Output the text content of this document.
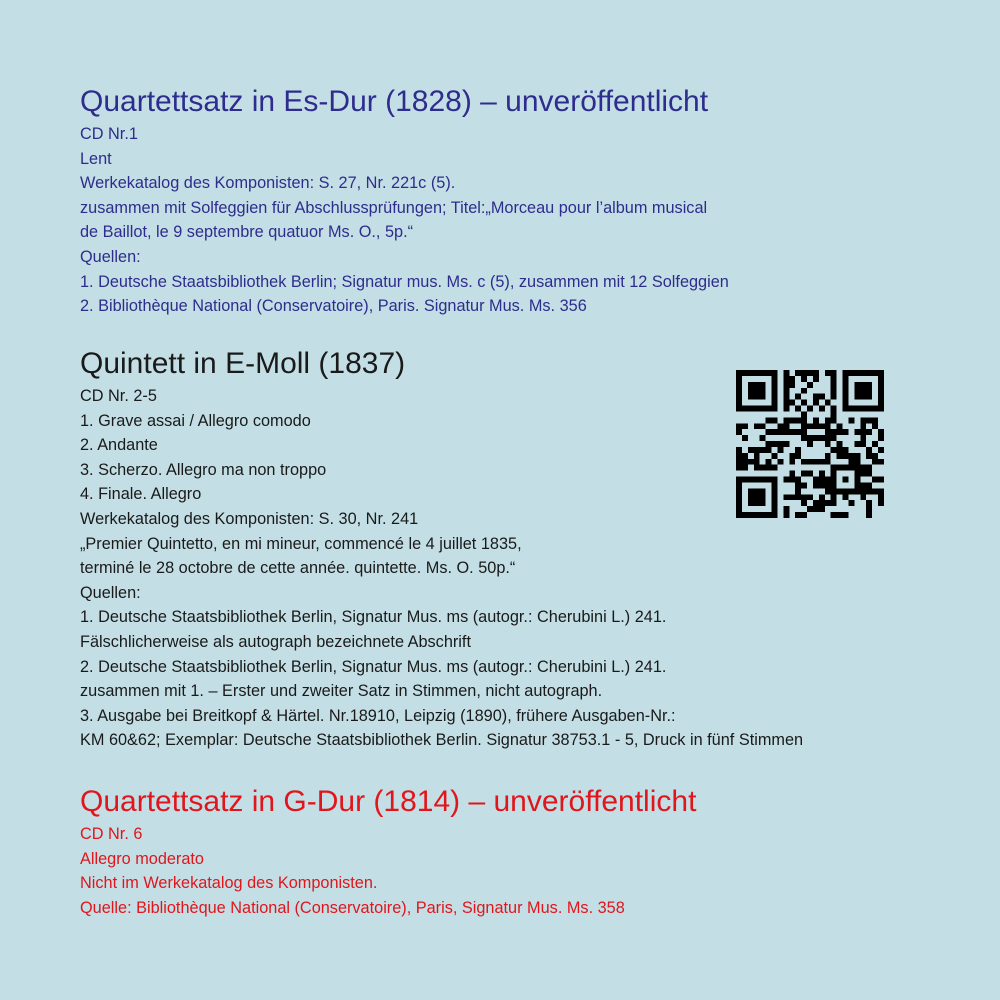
Quartettsatz in Es-Dur (1828) – unveröffentlicht
CD Nr.1
Lent
Werkekatalog des Komponisten: S. 27, Nr. 221c (5).
zusammen mit Solfeggien für Abschlussprüfungen; Titel:„Morceau pour l’album musical
de Baillot, le 9 septembre quatuor Ms. O., 5p.“
Quellen:
1. Deutsche Staatsbibliothek Berlin; Signatur mus. Ms. c (5), zusammen mit 12 Solfeggien
2. Bibliothèque National (Conservatoire), Paris. Signatur Mus. Ms. 356
Quintett in E-Moll (1837)
CD Nr. 2-5
1. Grave assai / Allegro comodo
2. Andante
3. Scherzo. Allegro ma non troppo
4. Finale. Allegro
Werkekatalog des Komponisten: S. 30, Nr. 241
„Premier Quintetto, en mi mineur, commencé le 4 juillet 1835,
terminé le 28 octobre de cette année. quintette. Ms. O. 50p.“
Quellen:
1. Deutsche Staatsbibliothek Berlin, Signatur Mus. ms (autogr.: Cherubini L.) 241.
Fälschlicherweise als autograph bezeichnete Abschrift
2. Deutsche Staatsbibliothek Berlin, Signatur Mus. ms (autogr.: Cherubini L.) 241.
zusammen mit 1. – Erster und zweiter Satz in Stimmen, nicht autograph.
3. Ausgabe bei Breitkopf & Härtel. Nr.18910, Leipzig (1890), frühere Ausgaben-Nr.:
KM 60&62; Exemplar: Deutsche Staatsbibliothek Berlin. Signatur 38753.1 - 5, Druck in fünf Stimmen
Quartettsatz in G-Dur (1814) – unveröffentlicht
CD Nr. 6
Allegro moderato
Nicht im Werkekatalog des Komponisten.
Quelle: Bibliothèque National (Conservatoire), Paris, Signatur Mus. Ms. 358
